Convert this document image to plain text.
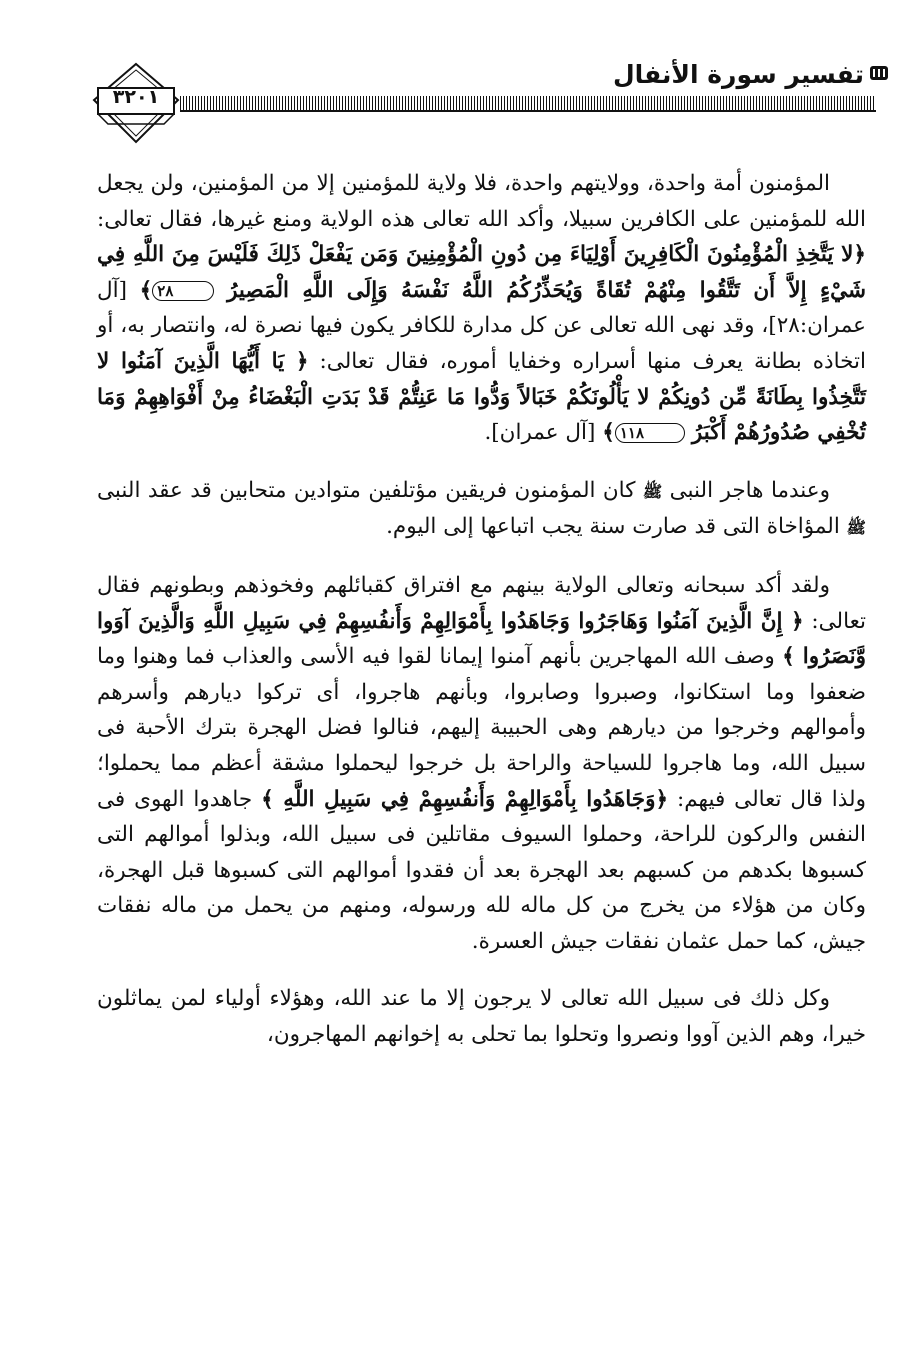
تفسير سورة الأنفال
٣٢٠١

المؤمنون أمة واحدة، وولايتهم واحدة، فلا ولاية للمؤمنين إلا من المؤمنين، ولن يجعل الله للمؤمنين على الكافرين سبيلا، وأكد الله تعالى هذه الولاية ومنع غيرها، فقال تعالى: ﴿لا يَتَّخِذِ الْمُؤْمِنُونَ الْكَافِرِينَ أَوْلِيَاءَ مِن دُونِ الْمُؤْمِنِينَ وَمَن يَفْعَلْ ذَلِكَ فَلَيْسَ مِنَ اللَّهِ فِي شَيْءٍ إِلاَّ أَن تَتَّقُوا مِنْهُمْ تُقَاةً وَيُحَذِّرُكُمُ اللَّهُ نَفْسَهُ وَإِلَى اللَّهِ الْمَصِيرُ ٢٨﴾ [آل عمران:٢٨]، وقد نهى الله تعالى عن كل مدارة للكافر يكون فيها نصرة له، وانتصار به، أو اتخاذه بطانة يعرف منها أسراره وخفايا أموره، فقال تعالى: ﴿ يَا أَيُّهَا الَّذِينَ آمَنُوا لا تَتَّخِذُوا بِطَانَةً مِّن دُونِكُمْ لا يَأْلُونَكُمْ خَبَالاً وَدُّوا مَا عَنِتُّمْ قَدْ بَدَتِ الْبَغْضَاءُ مِنْ أَفْوَاهِهِمْ وَمَا تُخْفِي صُدُورُهُمْ أَكْبَرُ ١١٨﴾ [آل عمران].

وعندما هاجر النبى ﷺ كان المؤمنون فريقين مؤتلفين متوادين متحابين قد عقد النبى ﷺ المؤاخاة التى قد صارت سنة يجب اتباعها إلى اليوم.

ولقد أكد سبحانه وتعالى الولاية بينهم مع افتراق كقبائلهم وفخوذهم وبطونهم فقال تعالى: ﴿ إِنَّ الَّذِينَ آمَنُوا وَهَاجَرُوا وَجَاهَدُوا بِأَمْوَالِهِمْ وَأَنفُسِهِمْ فِي سَبِيلِ اللَّهِ وَالَّذِينَ آوَوا وَّنَصَرُوا ﴾ وصف الله المهاجرين بأنهم آمنوا إيمانا لقوا فيه الأسى والعذاب فما وهنوا وما ضعفوا وما استكانوا، وصبروا وصابروا، وبأنهم هاجروا، أى تركوا ديارهم وأسرهم وأموالهم وخرجوا من ديارهم وهى الحبيبة إليهم، فنالوا فضل الهجرة بترك الأحبة فى سبيل الله، وما هاجروا للسياحة والراحة بل خرجوا ليحملوا مشقة أعظم مما يحملوا؛ ولذا قال تعالى فيهم: ﴿وَجَاهَدُوا بِأَمْوَالِهِمْ وَأَنفُسِهِمْ فِي سَبِيلِ اللَّهِ ﴾ جاهدوا الهوى فى النفس والركون للراحة، وحملوا السيوف مقاتلين فى سبيل الله، وبذلوا أموالهم التى كسبوها بكدهم من كسبهم بعد الهجرة بعد أن فقدوا أموالهم التى كسبوها قبل الهجرة، وكان من هؤلاء من يخرج من كل ماله لله ورسوله، ومنهم من يحمل من ماله نفقات جيش، كما حمل عثمان نفقات جيش العسرة.

وكل ذلك فى سبيل الله تعالى لا يرجون إلا ما عند الله، وهؤلاء أولياء لمن يماثلون خيرا، وهم الذين آووا ونصروا وتحلوا بما تحلى به إخوانهم المهاجرون،
